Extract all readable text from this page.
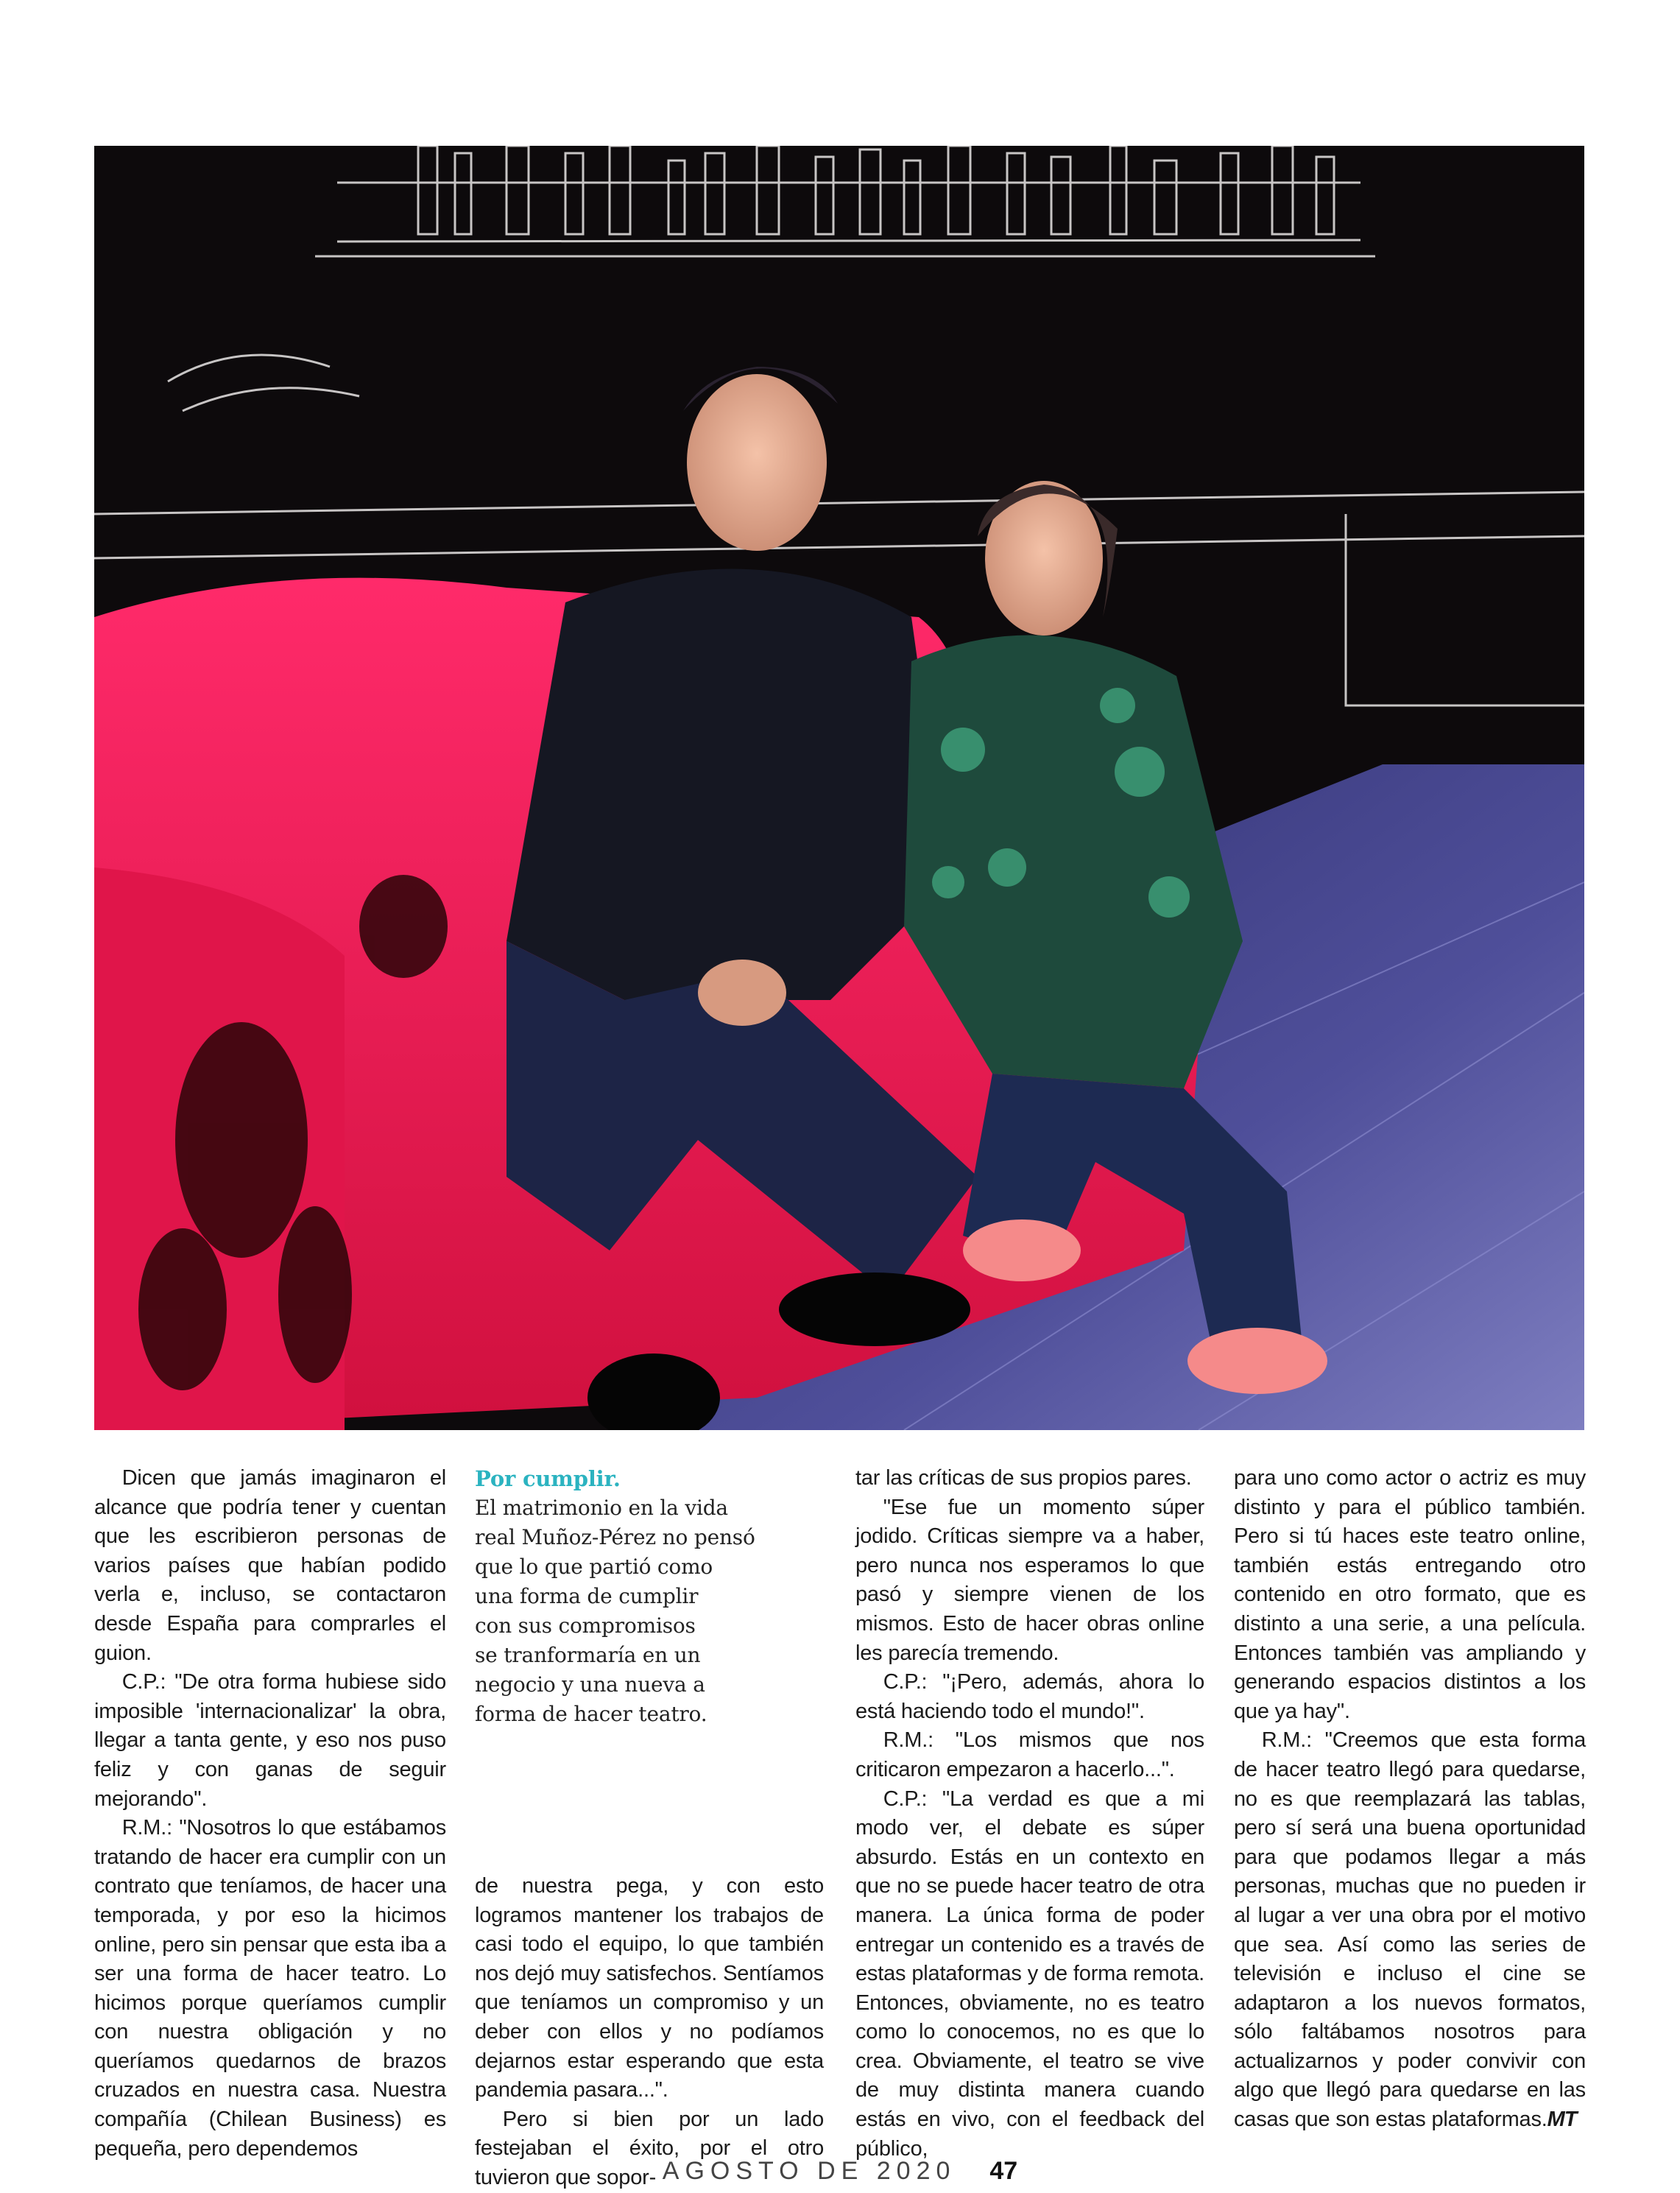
Dicen que jamás imaginaron el alcance que podría tener y cuentan que les escribieron personas de varios países que habían podido verla e, incluso, se contactaron desde España para comprarles el guion.

C.P.: "De otra forma hubiese sido imposible 'internacionalizar' la obra, llegar a tanta gente, y eso nos puso feliz y con ganas de seguir mejorando".

R.M.: "Nosotros lo que estábamos tratando de hacer era cumplir con un contrato que teníamos, de hacer una temporada, y por eso la hicimos online, pero sin pensar que esta iba a ser una forma de hacer teatro. Lo hicimos porque queríamos cumplir con nuestra obligación y no queríamos quedarnos de brazos cruzados en nuestra casa. Nuestra compañía (Chilean Business) es pequeña, pero dependemos

Por cumplir.
El matrimonio en la vida
real Muñoz-Pérez no pensó
que lo que partió como
una forma de cumplir
con sus compromisos
se tranformaría en un
negocio y una nueva a
forma de hacer teatro.

de nuestra pega, y con esto logramos mantener los trabajos de casi todo el equipo, lo que también nos dejó muy satisfechos. Sentíamos que teníamos un compromiso y un deber con ellos y no podíamos dejarnos estar esperando que esta pandemia pasara...".

Pero si bien por un lado festejaban el éxito, por el otro tuvieron que sopor-

tar las críticas de sus propios pares.

"Ese fue un momento súper jodido. Críticas siempre va a haber, pero nunca nos esperamos lo que pasó y siempre vienen de los mismos. Esto de hacer obras online les parecía tremendo.

C.P.: "¡Pero, además, ahora lo está haciendo todo el mundo!".

R.M.: "Los mismos que nos criticaron empezaron a hacerlo...".

C.P.: "La verdad es que a mi modo ver, el debate es súper absurdo. Estás en un contexto en que no se puede hacer teatro de otra manera. La única forma de poder entregar un contenido es a través de estas plataformas y de forma remota. Entonces, obviamente, no es teatro como lo conocemos, no es que lo crea. Obviamente, el teatro se vive de muy distinta manera cuando estás en vivo, con el feedback del público,

para uno como actor o actriz es muy distinto y para el público también. Pero si tú haces este teatro online, también estás entregando otro contenido en otro formato, que es distinto a una serie, a una película. Entonces también vas ampliando y generando espacios distintos a los que ya hay".

R.M.: "Creemos que esta forma de hacer teatro llegó para quedarse, no es que reemplazará las tablas, pero sí será una buena oportunidad para que podamos llegar a más personas, muchas que no pueden ir al lugar a ver una obra por el motivo que sea. Así como las series de televisión e incluso el cine se adaptaron a los nuevos formatos, sólo faltábamos nosotros para actualizarnos y poder convivir con algo que llegó para quedarse en las casas que son estas plataformas.MT

AGOSTO DE 2020 47
